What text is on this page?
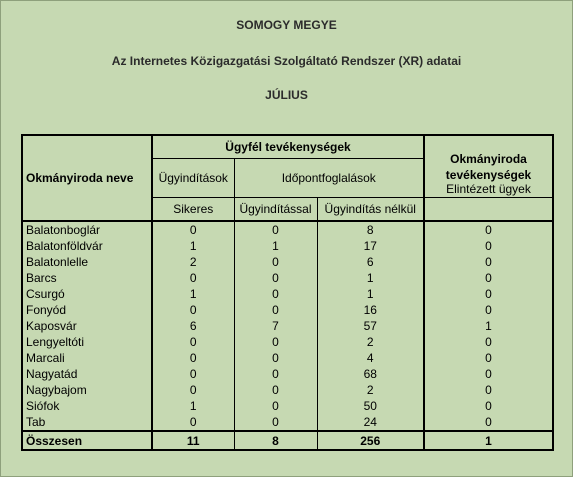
SOMOGY MEGYE
Az Internetes Közigazgatási Szolgáltató Rendszer (XR) adatai
JÚLIUS
Okmányiroda neve	Ügyfél tevékenységek			Okmányiroda tevékenységek
	Ügyindítások	Időpontfoglalások		
	Sikeres	Ügyindítással	Ügyindítás nélkül	Elintézett ügyek
Balatonboglár	0	0	8	0
Balatonföldvár	1	1	17	0
Balatonlelle	2	0	6	0
Barcs	0	0	1	0
Csurgó	1	0	1	0
Fonyód	0	0	16	0
Kaposvár	6	7	57	1
Lengyeltóti	0	0	2	0
Marcali	0	0	4	0
Nagyatád	0	0	68	0
Nagybajom	0	0	2	0
Siófok	1	0	50	0
Tab	0	0	24	0
Összesen	11	8	256	1
